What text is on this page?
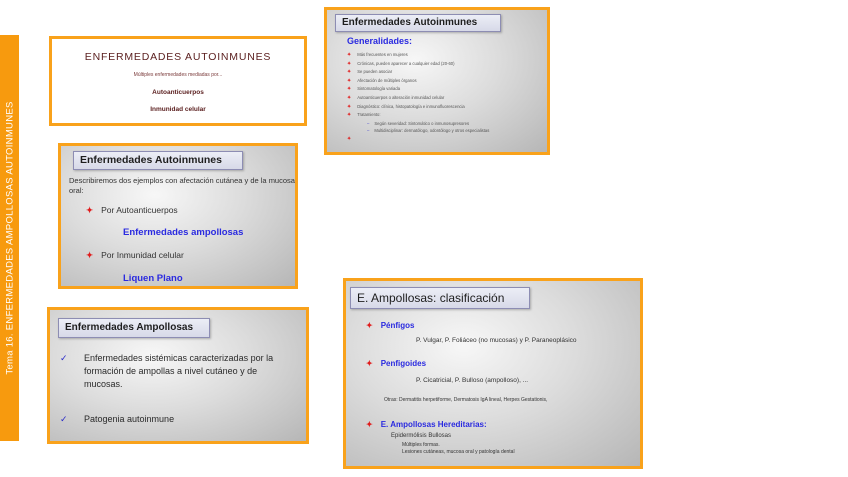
Tema 16. ENFERMEDADES AMPOLLOSAS AUTOINMUNES
ENFERMEDADES AUTOINMUNES
Múltiples enfermedades mediadas por...
Autoanticuerpos
Inmunidad celular
Enfermedades Autoinmunes
Describiremos dos ejemplos con afectación cutánea y de la mucosa oral:
✦ Por Autoanticuerpos
Enfermedades ampollosas
✦ Por Inmunidad celular
Liquen Plano
Enfermedades Ampollosas
✓ Enfermedades sistémicas caracterizadas por la formación de ampollas a nivel cutáneo y de mucosas.
✓ Patogenia autoinmune
Enfermedades Autoinmunes
Generalidades:
✦ Más frecuentes en mujeres
✦ Crónicas, pueden aparecer a cualquier edad (20-60)
✦ Se pueden asociar
✦ Afectación de múltiples órganos
✦ Sintomatología variada
✦ Autoanticuerpos o alteración inmunidad celular
✦ Diagnóstico: clínica, histopatología e inmunofluorescencia
✦ Tratamiento:
– Según severidad: Sintomático o inmunosupresores
– Multidisciplinar: dermatólogo, odontólogo y otros especialistas
✦
E. Ampollosas: clasificación
✦ Pénfigos
P. Vulgar, P. Foliáceo (no mucosas) y P. Paraneoplásico
✦ Penfigoides
P. Cicatricial, P. Bulloso (ampolloso), ...
Otras: Dermatitis herpetiforme, Dermatosis IgA lineal, Herpes Gestationis,
✦ E. Ampollosas Hereditarias:
Epidermólisis Bullosas
Múltiples formas.
Lesiones cutáneas, mucosa oral y patología dental
